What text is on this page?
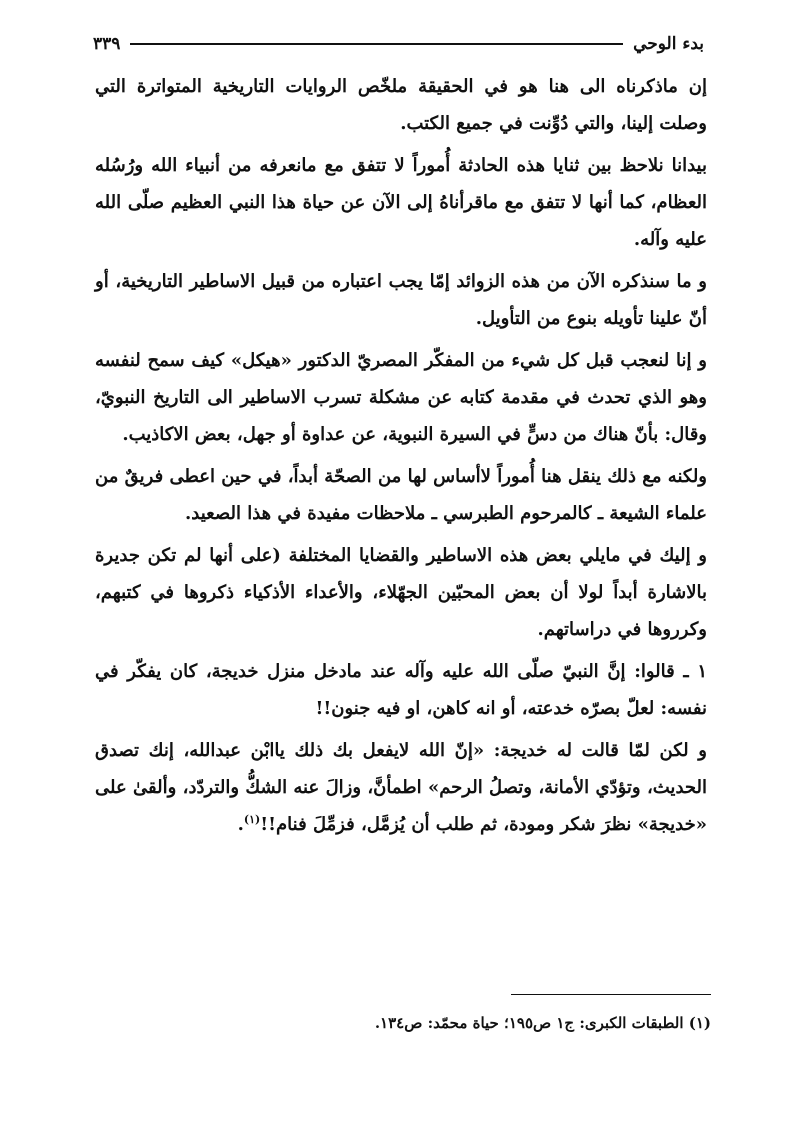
بدء الوحي
٣٣٩

إن ماذكرناه الى هنا هو في الحقيقة ملخّص الروايات التاريخية المتواترة التي وصلت إلينا، والتي دُوِّنت في جميع الكتب.

بيدانا نلاحظ بين ثنايا هذه الحادثة أُموراً لا تتفق مع مانعرفه من أنبياء الله ورُسُله العظام، كما أنها لا تتفق مع ماقرأناهُ إلى الآن عن حياة هذا النبي العظيم صلّى الله عليه وآله.

و ما سنذكره الآن من هذه الزوائد إمّا يجب اعتباره من قبيل الاساطير التاريخية، أو أنّ علينا تأويله بنوع من التأويل.

و إنا لنعجب قبل كل شيء من المفكّر المصريّ الدكتور «هيكل» كيف سمح لنفسه وهو الذي تحدث في مقدمة كتابه عن مشكلة تسرب الاساطير الى التاريخ النبويّ، وقال: بأنّ هناك من دسٍّ في السيرة النبوية، عن عداوة أو جهل، بعض الاكاذيب.

ولكنه مع ذلك ينقل هنا أُموراً لاأساس لها من الصحّة أبداً، في حين اعطى فريقٌ من علماء الشيعة ـ كالمرحوم الطبرسي ـ ملاحظات مفيدة في هذا الصعيد.

و إليك في مايلي بعض هذه الاساطير والقضايا المختلفة (على أنها لم تكن جديرة بالاشارة أبداً لولا أن بعض المحبّين الجهّلاء، والأعداء الأذكياء ذكروها في كتبهم، وكرروها في دراساتهم.

١ ـ قالوا: إنَّ النبيّ صلّى الله عليه وآله عند مادخل منزل خديجة، كان يفكّر في نفسه: لعلّ بصرّه خدعته، أو انه كاهن، او فيه جنون!!

و لكن لمّا قالت له خديجة: «إنّ الله لايفعل بك ذلك ياابْن عبدالله، إنك تصدق الحديث، وتؤدّي الأمانة، وتصلُ الرحم» اطمأنَّ، وزالَ عنه الشكُّ والتردّد، وألقىٰ على «خديجة» نظرَ شكر ومودة، ثم طلب أن يُزمَّل، فزمِّلَ فنام!!$^{(١)}$.

(١) الطبقات الكبرى: ج١ ص١٩٥؛ حياة محمّد: ص١٣٤.
